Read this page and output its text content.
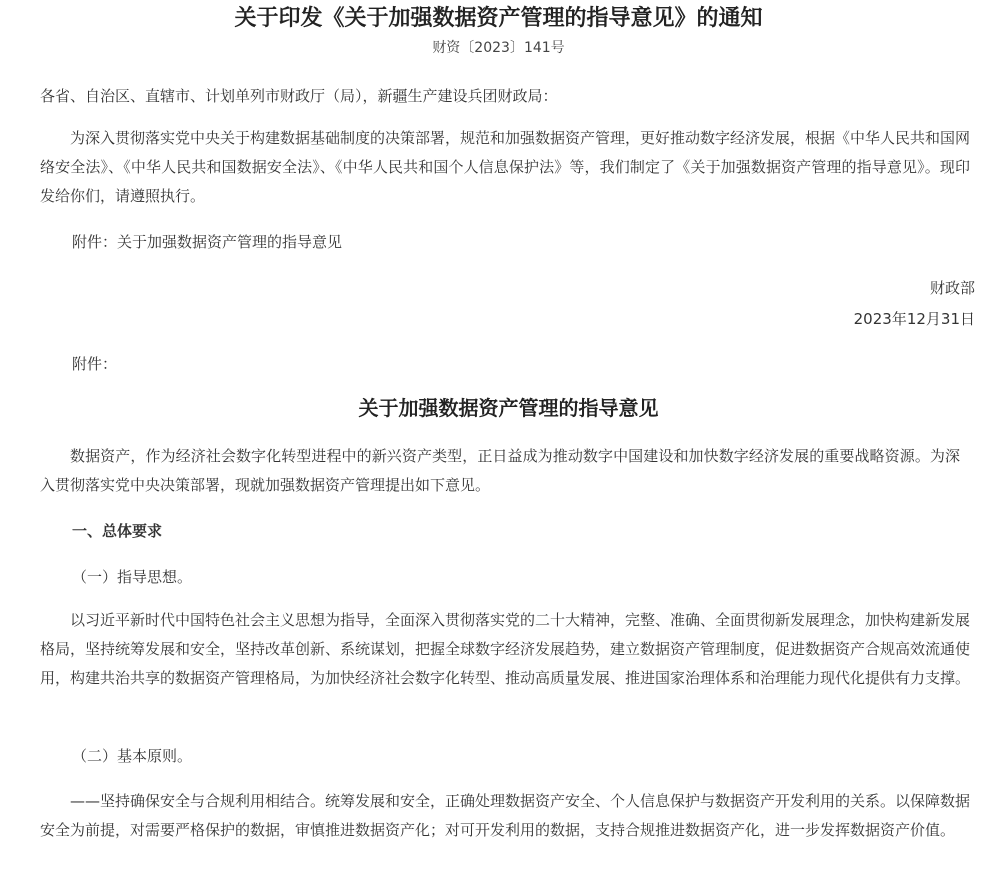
关于印发《关于加强数据资产管理的指导意见》的通知
财资〔2023〕141号

各省、自治区、直辖市、计划单列市财政厅（局），新疆生产建设兵团财政局：

为深入贯彻落实党中央关于构建数据基础制度的决策部署，规范和加强数据资产管理，更好推动数字经济发展，根据《中华人民共和国网络安全法》、《中华人民共和国数据安全法》、《中华人民共和国个人信息保护法》等，我们制定了《关于加强数据资产管理的指导意见》。现印发给你们，请遵照执行。

附件：关于加强数据资产管理的指导意见

财政部

2023年12月31日

附件：

关于加强数据资产管理的指导意见

数据资产，作为经济社会数字化转型进程中的新兴资产类型，正日益成为推动数字中国建设和加快数字经济发展的重要战略资源。为深入贯彻落实党中央决策部署，现就加强数据资产管理提出如下意见。

一、总体要求

（一）指导思想。

以习近平新时代中国特色社会主义思想为指导，全面深入贯彻落实党的二十大精神，完整、准确、全面贯彻新发展理念，加快构建新发展格局，坚持统筹发展和安全，坚持改革创新、系统谋划，把握全球数字经济发展趋势，建立数据资产管理制度，促进数据资产合规高效流通使用，构建共治共享的数据资产管理格局，为加快经济社会数字化转型、推动高质量发展、推进国家治理体系和治理能力现代化提供有力支撑。

（二）基本原则。

——坚持确保安全与合规利用相结合。统筹发展和安全，正确处理数据资产安全、个人信息保护与数据资产开发利用的关系。以保障数据安全为前提，对需要严格保护的数据，审慎推进数据资产化；对可开发利用的数据，支持合规推进数据资产化，进一步发挥数据资产价值。
